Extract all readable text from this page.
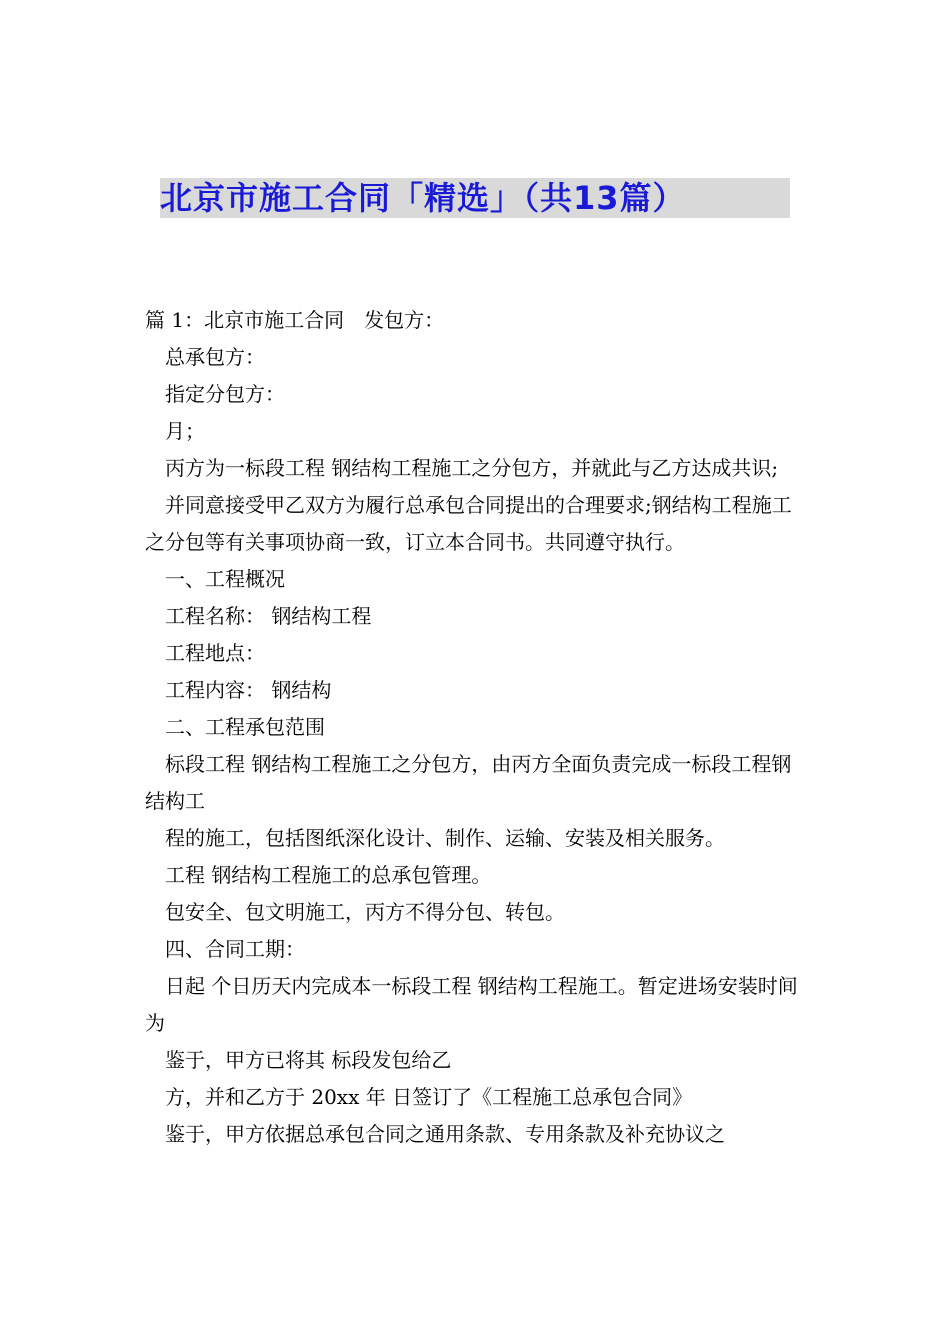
北京市施工合同「精选」（共13篇）

篇 1：北京市施工合同 发包方：

总承包方：

指定分包方：

月；

丙方为一标段工程 钢结构工程施工之分包方，并就此与乙方达成共识;

并同意接受甲乙双方为履行总承包合同提出的合理要求;钢结构工程施工之分包等有关事项协商一致，订立本合同书。共同遵守执行。

一、工程概况

工程名称： 钢结构工程

工程地点：

工程内容： 钢结构

二、工程承包范围

标段工程 钢结构工程施工之分包方，由丙方全面负责完成一标段工程钢结构工

程的施工，包括图纸深化设计、制作、运输、安装及相关服务。

工程 钢结构工程施工的总承包管理。

包安全、包文明施工，丙方不得分包、转包。

四、合同工期：

日起 个日历天内完成本一标段工程 钢结构工程施工。暂定进场安装时间为

鉴于，甲方已将其 标段发包给乙

方，并和乙方于 20xx 年 日签订了《工程施工总承包合同》

鉴于，甲方依据总承包合同之通用条款、专用条款及补充协议之
